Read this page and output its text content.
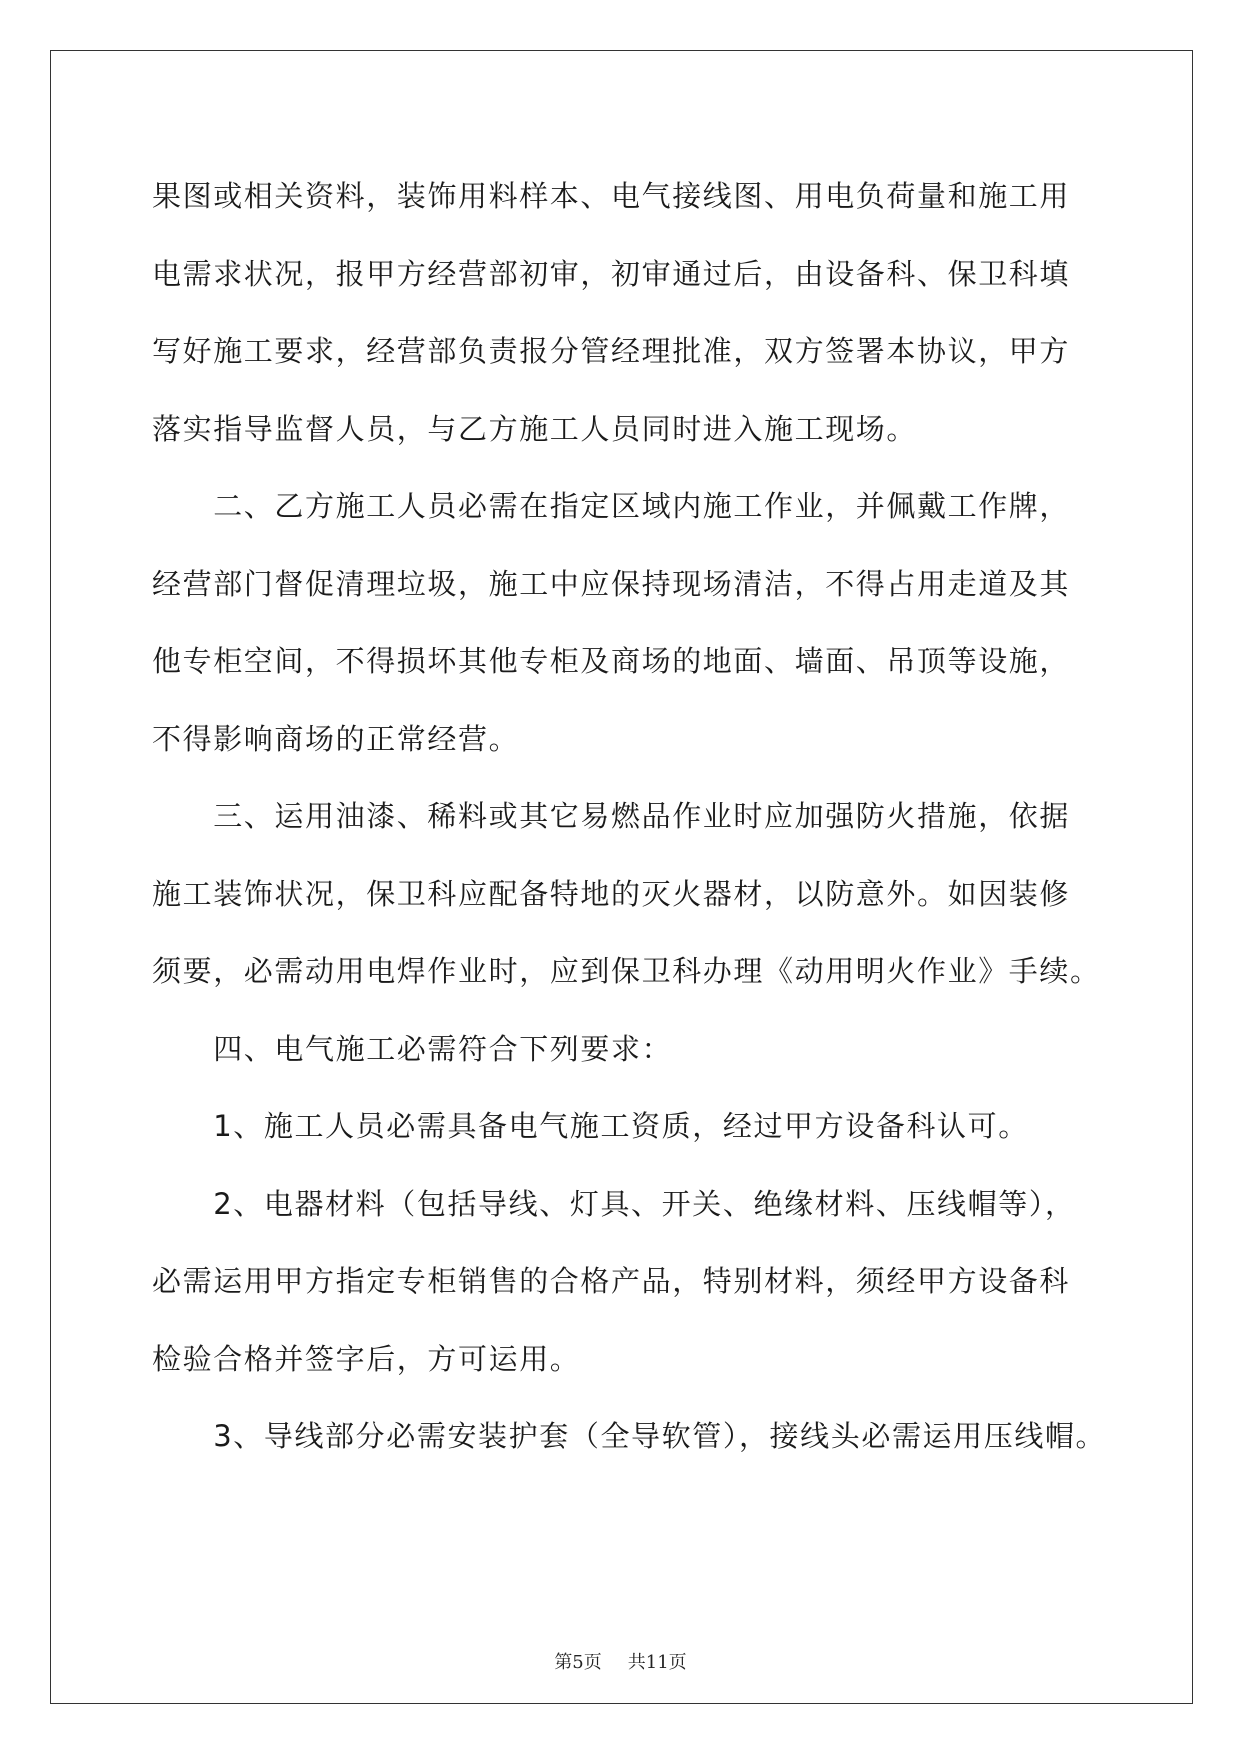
果图或相关资料，装饰用料样本、电气接线图、用电负荷量和施工用

电需求状况，报甲方经营部初审，初审通过后，由设备科、保卫科填

写好施工要求，经营部负责报分管经理批准，双方签署本协议，甲方

落实指导监督人员，与乙方施工人员同时进入施工现场。

　　二、乙方施工人员必需在指定区域内施工作业，并佩戴工作牌，

经营部门督促清理垃圾，施工中应保持现场清洁，不得占用走道及其

他专柜空间，不得损坏其他专柜及商场的地面、墙面、吊顶等设施，

不得影响商场的正常经营。

　　三、运用油漆、稀料或其它易燃品作业时应加强防火措施，依据

施工装饰状况，保卫科应配备特地的灭火器材，以防意外。如因装修

须要，必需动用电焊作业时，应到保卫科办理《动用明火作业》手续。

　　四、电气施工必需符合下列要求：

　　1、施工人员必需具备电气施工资质，经过甲方设备科认可。

　　2、电器材料（包括导线、灯具、开关、绝缘材料、压线帽等），

必需运用甲方指定专柜销售的合格产品，特别材料，须经甲方设备科

检验合格并签字后，方可运用。

　　3、导线部分必需安装护套（全导软管），接线头必需运用压线帽。

第5页 共11页
